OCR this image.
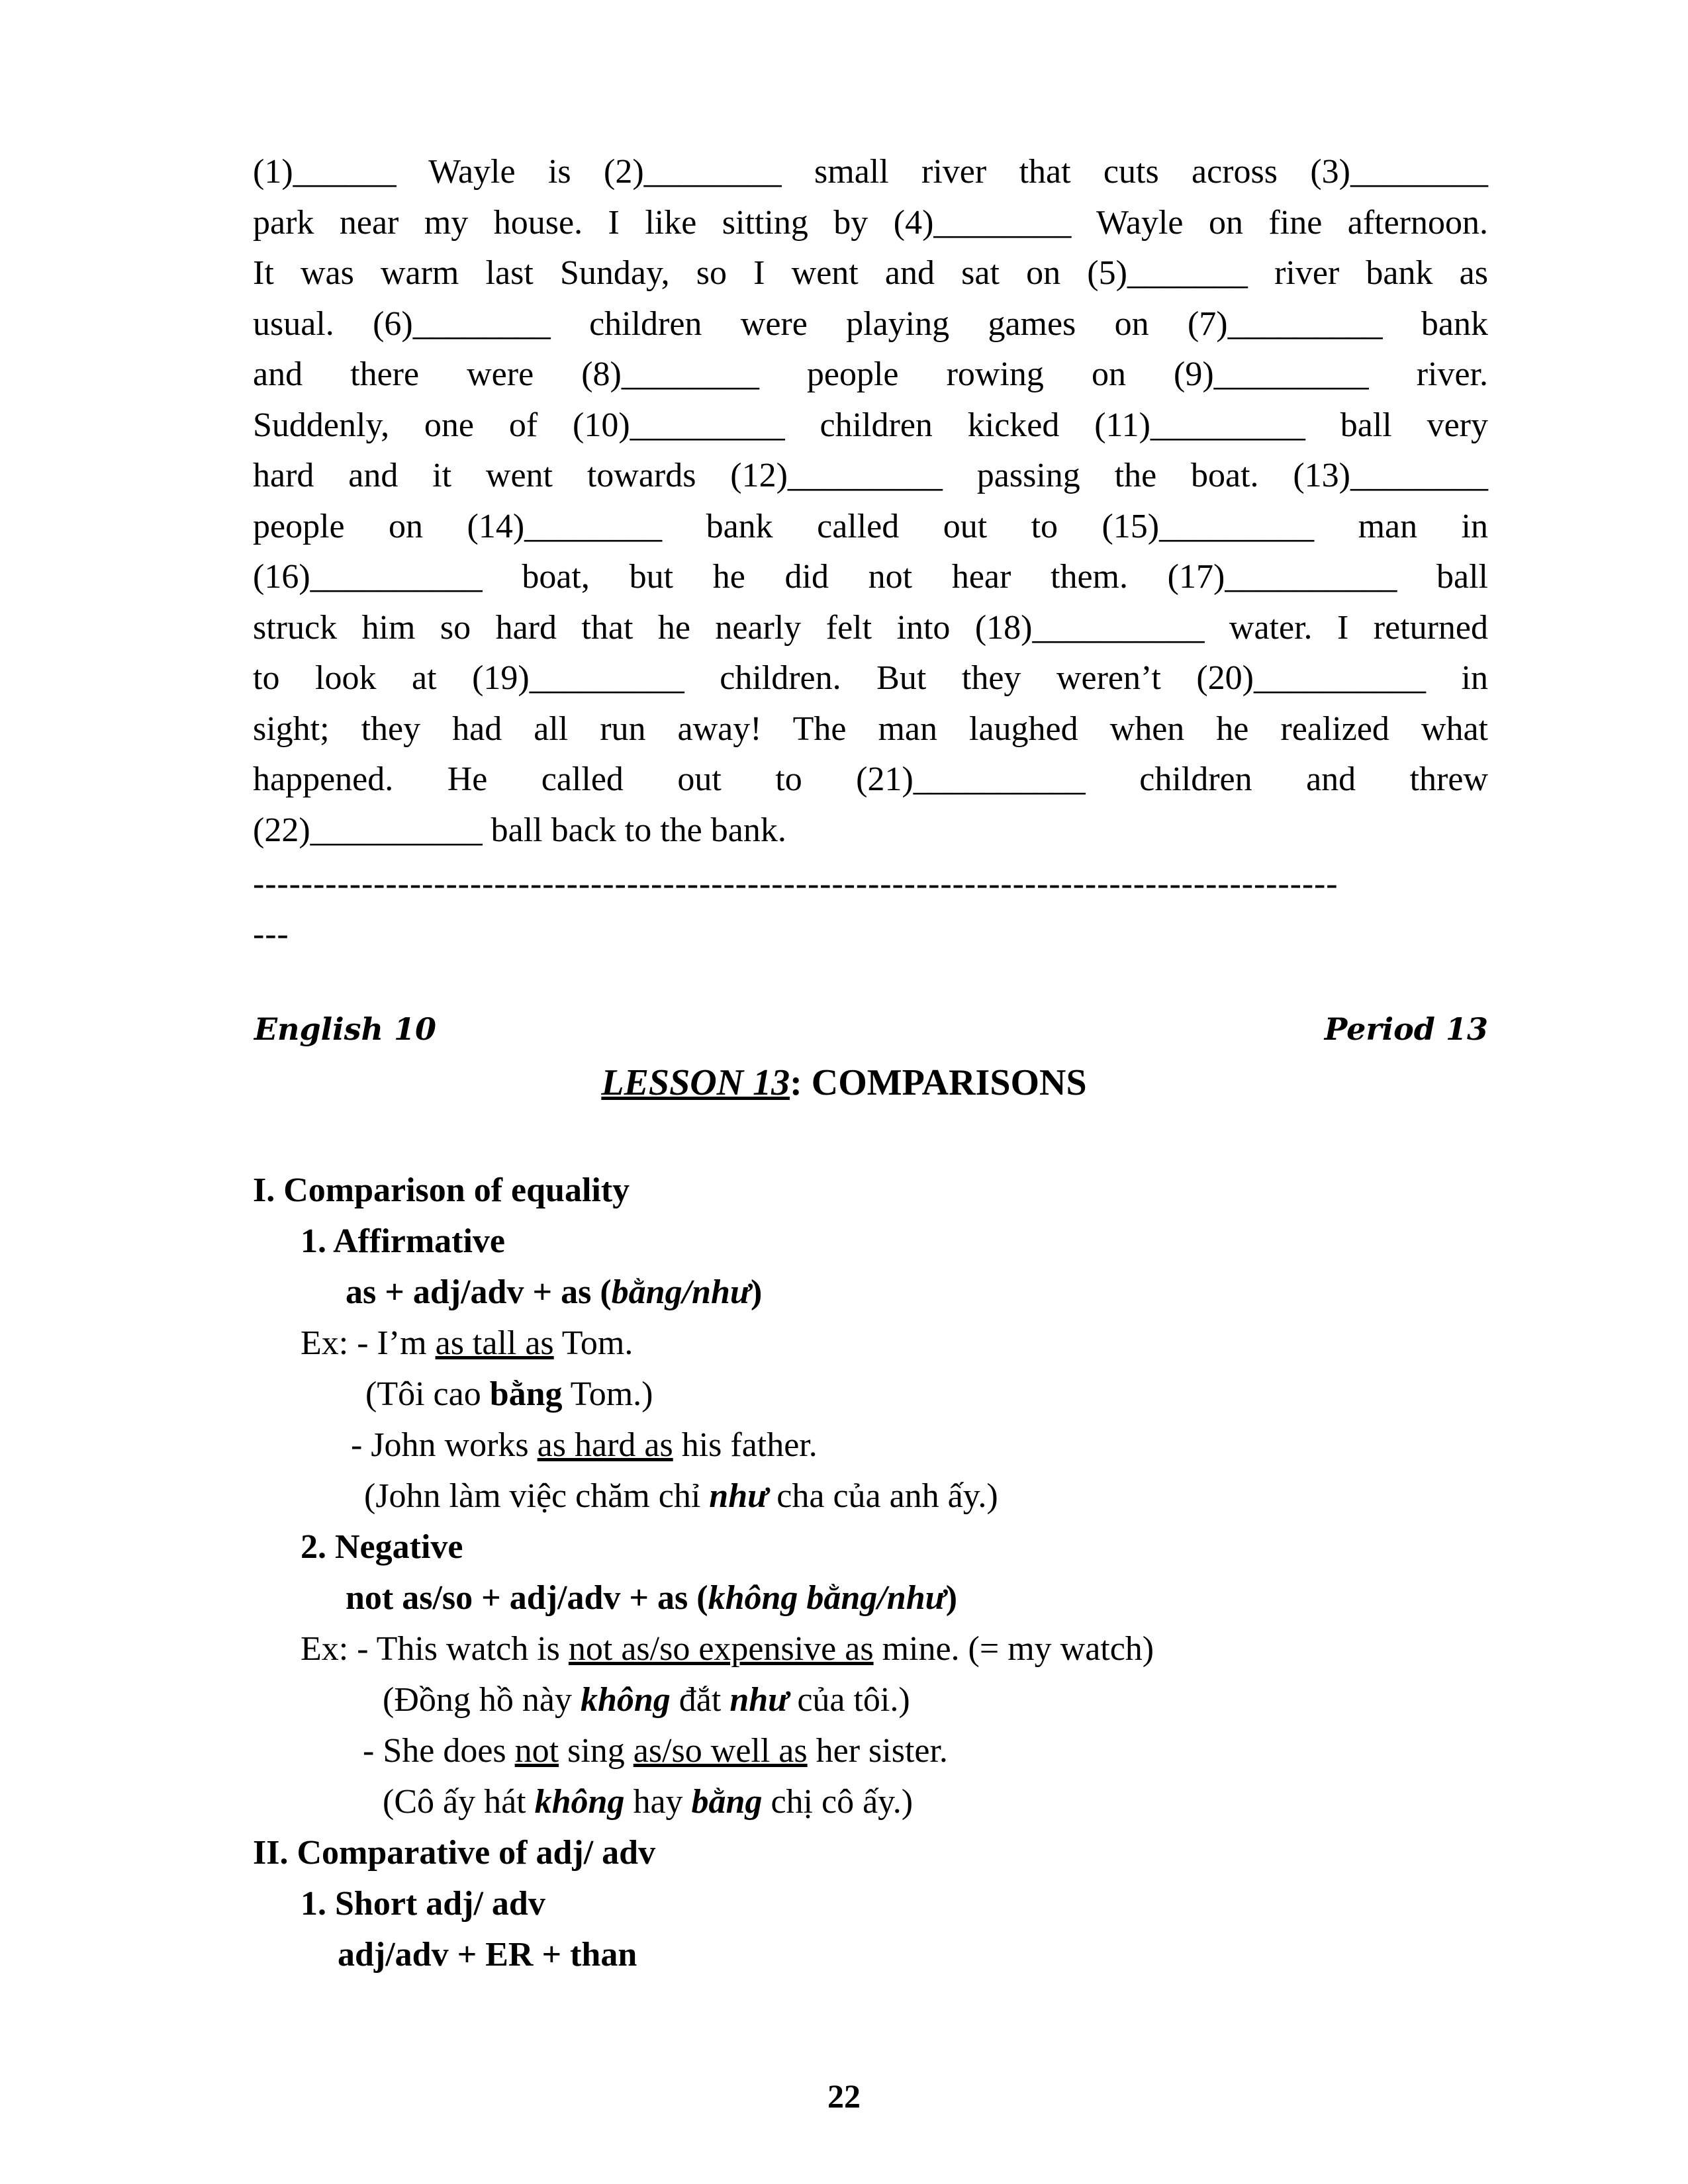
(1)______ Wayle is (2)________ small river that cuts across (3)________
park near my house. I like sitting by (4)________ Wayle on fine afternoon.
It was warm last Sunday, so I went and sat on (5)_______ river bank as
usual. (6)________ children were playing games on (7)_________ bank
and there were (8)________ people rowing on (9)_________ river.
Suddenly, one of (10)_________ children kicked (11)_________ ball very
hard and it went towards (12)_________ passing the boat. (13)________
people on (14)________ bank called out to (15)_________ man in
(16)__________ boat, but he did not hear them. (17)__________ ball
struck him so hard that he nearly felt into (18)__________ water. I returned
to look at (19)_________ children. But they weren’t (20)__________ in
sight; they had all run away! The man laughed when he realized what
happened. He called out to (21)__________ children and threw
(22)__________ ball back to the bank.
------------------------------------------------------------------------------------------
---
English 10	Period 13
LESSON 13: COMPARISONS
I. Comparison of equality
1. Affirmative
as + adj/adv + as (bằng/như)
Ex: - I’m as tall as Tom.
(Tôi cao bằng Tom.)
- John works as hard as his father.
(John làm việc chăm chỉ như cha của anh ấy.)
2. Negative
not as/so + adj/adv + as (không bằng/như)
Ex: - This watch is not as/so expensive as mine. (= my watch)
(Đồng hồ này không đắt như của tôi.)
- She does not sing as/so well as her sister.
(Cô ấy hát không hay bằng chị cô ấy.)
II. Comparative of adj/ adv
1. Short adj/ adv
adj/adv + ER + than
22
